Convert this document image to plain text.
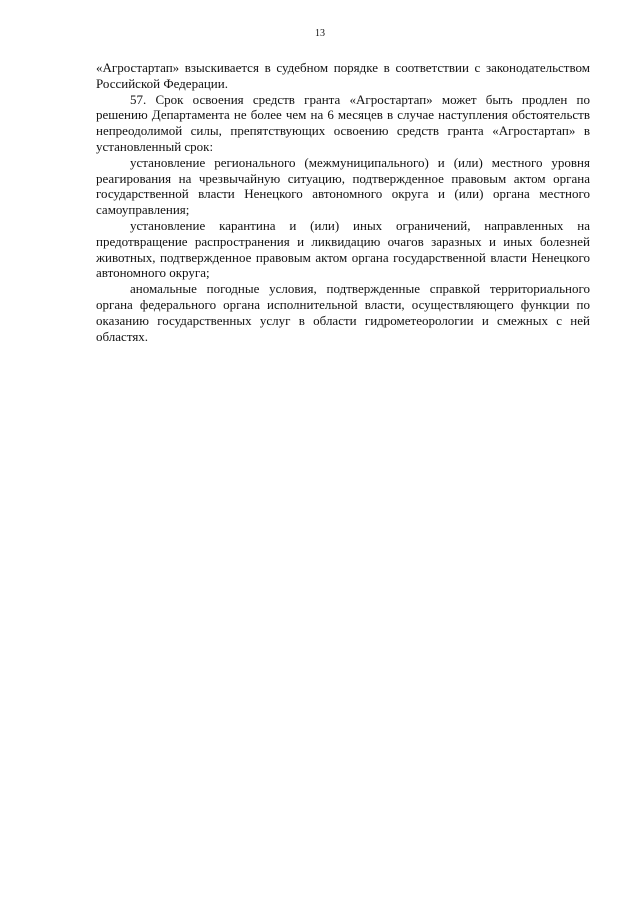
13

«Агростартап» взыскивается в судебном порядке в соответствии с законодательством Российской Федерации.

57. Срок освоения средств гранта «Агростартап» может быть продлен по решению Департамента не более чем на 6 месяцев в случае наступления обстоятельств непреодолимой силы, препятствующих освоению средств гранта «Агростартап» в установленный срок:

установление регионального (межмуниципального) и (или) местного уровня реагирования на чрезвычайную ситуацию, подтвержденное правовым актом органа государственной власти Ненецкого автономного округа и (или) органа местного самоуправления;

установление карантина и (или) иных ограничений, направленных на предотвращение распространения и ликвидацию очагов заразных и иных болезней животных, подтвержденное правовым актом органа государственной власти Ненецкого автономного округа;

аномальные погодные условия, подтвержденные справкой территориального органа федерального органа исполнительной власти, осуществляющего функции по оказанию государственных услуг в области гидрометеорологии и смежных с ней областях.
